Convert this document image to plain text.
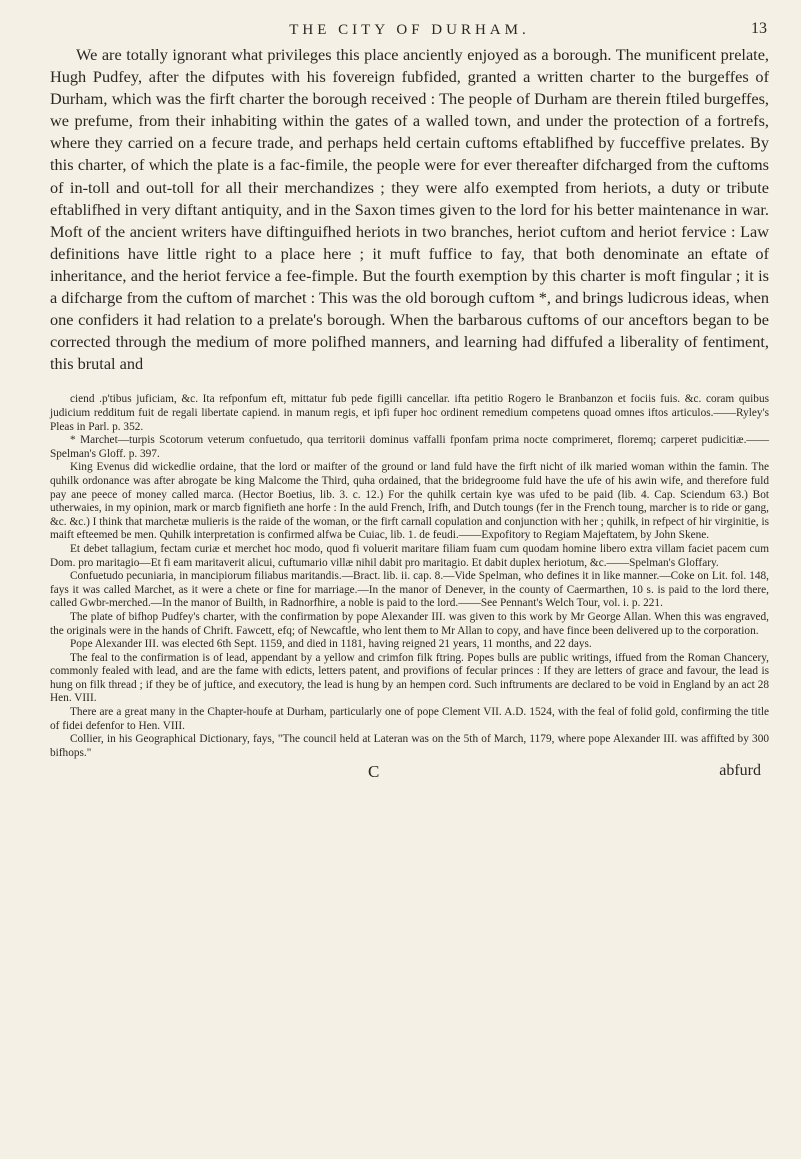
THE CITY OF DURHAM.	13

We are totally ignorant what privileges this place anciently enjoyed as a borough. The munificent prelate, Hugh Pudfey, after the difputes with his fovereign fubfided, granted a written charter to the burgeffes of Durham, which was the firft charter the borough received : The people of Durham are therein ftiled burgeffes, we prefume, from their inhabiting within the gates of a walled town, and under the protection of a fortrefs, where they carried on a fecure trade, and perhaps held certain cuftoms eftablifhed by fucceffive prelates. By this charter, of which the plate is a fac-fimile, the people were for ever thereafter difcharged from the cuftoms of in-toll and out-toll for all their merchandizes ; they were alfo exempted from heriots, a duty or tribute eftablifhed in very diftant antiquity, and in the Saxon times given to the lord for his better maintenance in war. Moft of the ancient writers have diftinguifhed heriots in two branches, heriot cuftom and heriot fervice : Law definitions have little right to a place here ; it muft fuffice to fay, that both denominate an eftate of inheritance, and the heriot fervice a fee-fimple. But the fourth exemption by this charter is moft fingular ; it is a difcharge from the cuftom of marchet : This was the old borough cuftom *, and brings ludicrous ideas, when one confiders it had relation to a prelate's borough. When the barbarous cuftoms of our anceftors began to be corrected through the medium of more polifhed manners, and learning had diffufed a liberality of fentiment, this brutal and

ciend .p'tibus juficiam, &c. Ita refponfum eft, mittatur fub pede figilli cancellar. ifta petitio Rogero le Branbanzon et fociis fuis. &c. coram quibus judicium redditum fuit de regali libertate capiend. in manum regis, et ipfi fuper hoc ordinent remedium competens quoad omnes iftos articulos.——Ryley's Pleas in Parl. p. 352.

* Marchet—turpis Scotorum veterum confuetudo, qua territorii dominus vaffalli fponfam prima nocte comprimeret, floremq; carperet pudicitiæ.——Spelman's Gloff. p. 397.

King Evenus did wickedlie ordaine, that the lord or maifter of the ground or land fuld have the firft nicht of ilk maried woman within the famin. The quhilk ordonance was after abrogate be king Malcome the Third, quha ordained, that the bridegroome fuld have the ufe of his awin wife, and therefore fuld pay ane peece of money called marca. (Hector Boetius, lib. 3. c. 12.) For the quhilk certain kye was ufed to be paid (lib. 4. Cap. Sciendum 63.) Bot utherwaies, in my opinion, mark or marcb fignifieth ane horfe : In the auld French, Irifh, and Dutch toungs (fer in the French toung, marcher is to ride or gang, &c. &c.) I think that marchetæ mulieris is the raide of the woman, or the firft carnall copulation and conjunction with her ; quhilk, in refpect of hir virginitie, is maift efteemed be men. Quhilk interpretation is confirmed alfwa be Cuiac, lib. 1. de feudi.——Expofitory to Regiam Majeftatem, by John Skene.

Et debet tallagium, fectam curiæ et merchet hoc modo, quod fi voluerit maritare filiam fuam cum quodam homine libero extra villam faciet pacem cum Dom. pro maritagio—Et fi eam maritaverit alicui, cuftumario villæ nihil dabit pro maritagio. Et dabit duplex heriotum, &c.——Spelman's Gloffary.

Confuetudo pecuniaria, in mancipiorum filiabus maritandis.—Bract. lib. ii. cap. 8.—Vide Spelman, who defines it in like manner.—Coke on Lit. fol. 148, fays it was called Marchet, as it were a chete or fine for marriage.—In the manor of Denever, in the county of Caermarthen, 10 s. is paid to the lord there, called Gwbr-merched.—In the manor of Builth, in Radnorfhire, a noble is paid to the lord.——See Pennant's Welch Tour, vol. i. p. 221.

The plate of bifhop Pudfey's charter, with the confirmation by pope Alexander III. was given to this work by Mr George Allan. When this was engraved, the originals were in the hands of Chrift. Fawcett, efq; of Newcaftle, who lent them to Mr Allan to copy, and have fince been delivered up to the corporation.

Pope Alexander III. was elected 6th Sept. 1159, and died in 1181, having reigned 21 years, 11 months, and 22 days.

The feal to the confirmation is of lead, appendant by a yellow and crimfon filk ftring. Popes bulls are public writings, iffued from the Roman Chancery, commonly fealed with lead, and are the fame with edicts, letters patent, and provifions of fecular princes : If they are letters of grace and favour, the lead is hung on filk thread ; if they be of juftice, and executory, the lead is hung by an hempen cord. Such inftruments are declared to be void in England by an act 28 Hen. VIII.

There are a great many in the Chapter-houfe at Durham, particularly one of pope Clement VII. A.D. 1524, with the feal of folid gold, confirming the title of fidei defenfor to Hen. VIII.

Collier, in his Geographical Dictionary, fays, "The council held at Lateran was on the 5th of March, 1179, where pope Alexander III. was affifted by 300 bifhops."

C	abfurd
